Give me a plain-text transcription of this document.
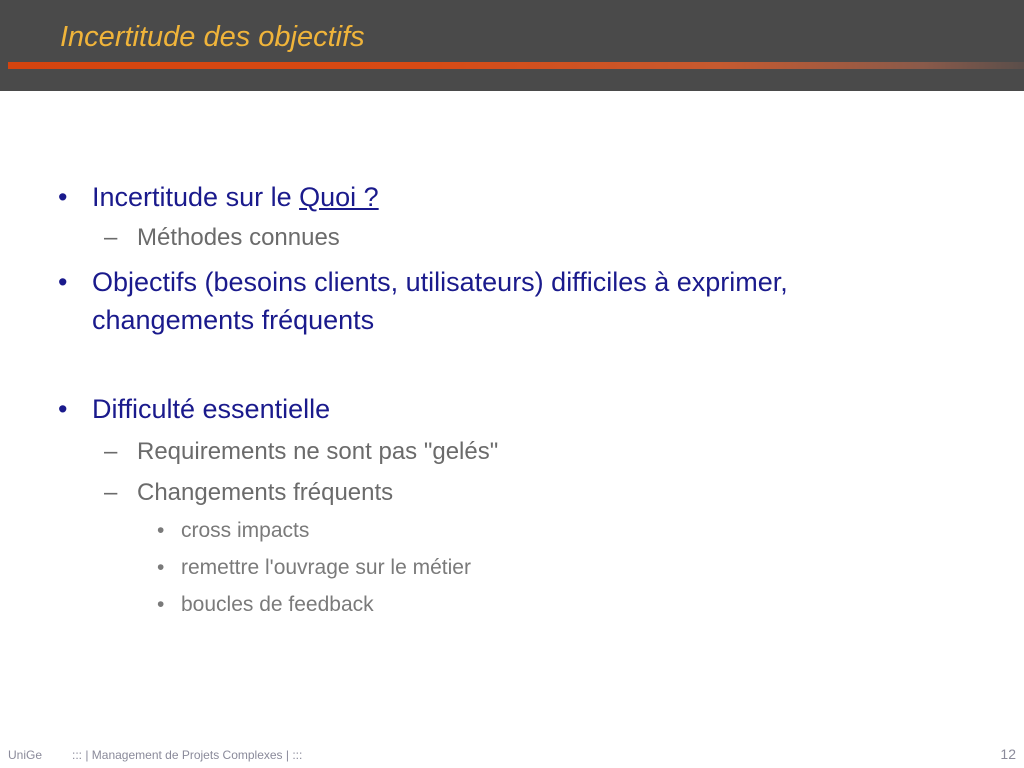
Incertitude des objectifs
• Incertitude sur le Quoi ?
– Méthodes connues
• Objectifs (besoins clients, utilisateurs) difficiles à exprimer,
changements fréquents
• Difficulté essentielle
– Requirements ne sont pas "gelés"
– Changements fréquents
• cross impacts
• remettre l'ouvrage sur le métier
• boucles de feedback
UniGe ::: | Management de Projets Complexes | :::	12
